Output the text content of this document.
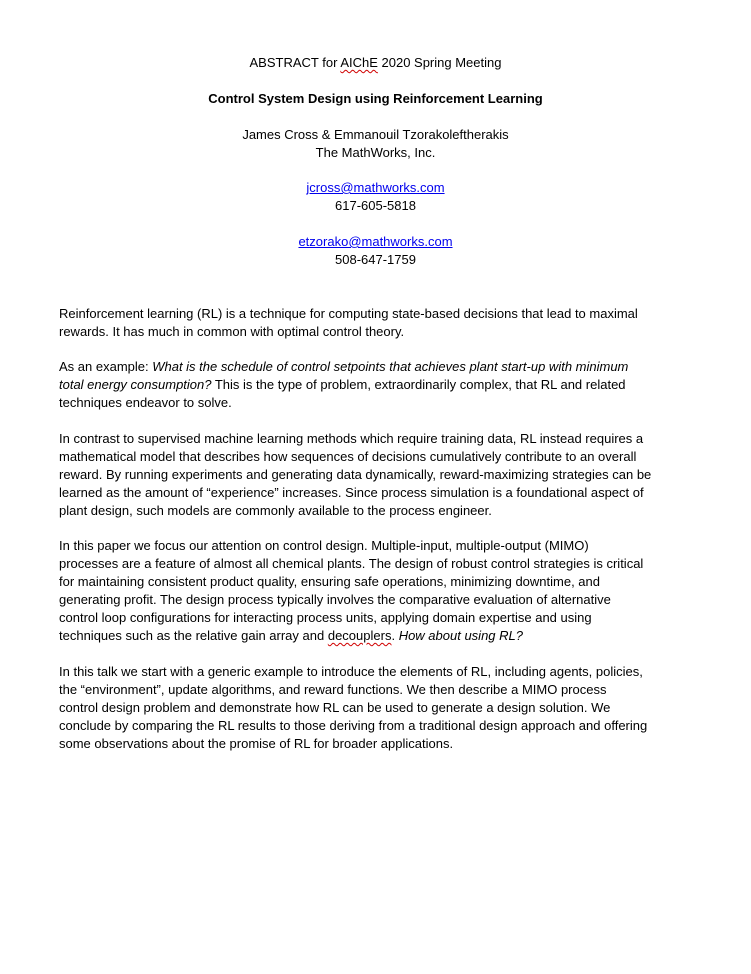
ABSTRACT for AIChE 2020 Spring Meeting
Control System Design using Reinforcement Learning
James Cross & Emmanouil Tzorakoleftherakis
The MathWorks, Inc.
jcross@mathworks.com
617-605-5818
etzorako@mathworks.com
508-647-1759
Reinforcement learning (RL) is a technique for computing state-based decisions that lead to maximal
rewards. It has much in common with optimal control theory.
As an example: What is the schedule of control setpoints that achieves plant start-up with minimum
total energy consumption? This is the type of problem, extraordinarily complex, that RL and related
techniques endeavor to solve.
In contrast to supervised machine learning methods which require training data, RL instead requires a
mathematical model that describes how sequences of decisions cumulatively contribute to an overall
reward. By running experiments and generating data dynamically, reward-maximizing strategies can be
learned as the amount of “experience” increases. Since process simulation is a foundational aspect of
plant design, such models are commonly available to the process engineer.
In this paper we focus our attention on control design. Multiple-input, multiple-output (MIMO)
processes are a feature of almost all chemical plants. The design of robust control strategies is critical
for maintaining consistent product quality, ensuring safe operations, minimizing downtime, and
generating profit. The design process typically involves the comparative evaluation of alternative
control loop configurations for interacting process units, applying domain expertise and using
techniques such as the relative gain array and decouplers. How about using RL?
In this talk we start with a generic example to introduce the elements of RL, including agents, policies,
the “environment”, update algorithms, and reward functions. We then describe a MIMO process
control design problem and demonstrate how RL can be used to generate a design solution. We
conclude by comparing the RL results to those deriving from a traditional design approach and offering
some observations about the promise of RL for broader applications.
